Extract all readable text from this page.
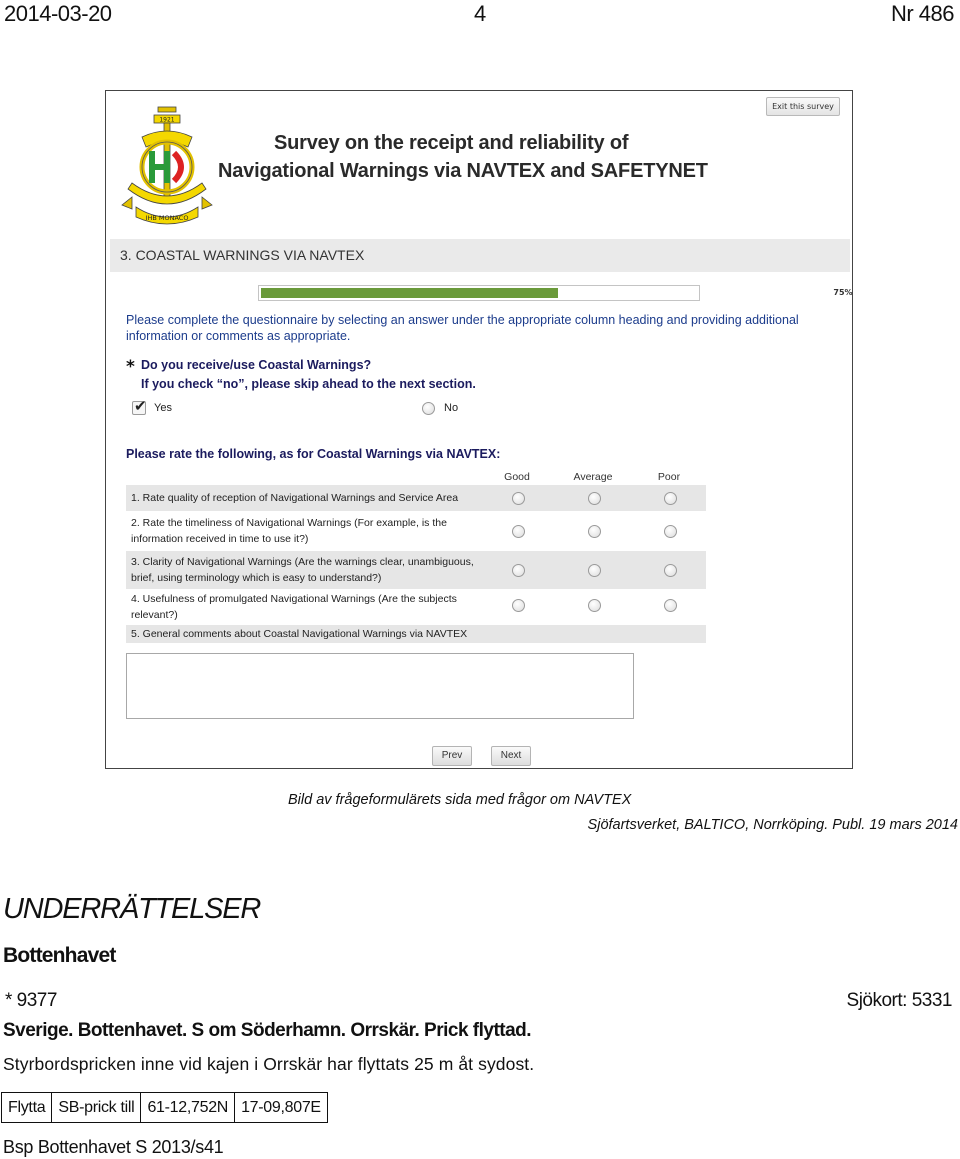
2014-03-20	4	Nr 486
Exit this survey
1921
IHB MONACO
Survey on the receipt and reliability of
Navigational Warnings via NAVTEX and SAFETYNET
3. COASTAL WARNINGS VIA NAVTEX
75%
Please complete the questionnaire by selecting an answer under the appropriate column heading and providing additional information or comments as appropriate.
* Do you receive/use Coastal Warnings?
If you check “no”, please skip ahead to the next section.
✔ Yes	No
Please rate the following, as for Coastal Warnings via NAVTEX:
Good	Average	Poor
1. Rate quality of reception of Navigational Warnings and Service Area
2. Rate the timeliness of Navigational Warnings (For example, is the information received in time to use it?)
3. Clarity of Navigational Warnings (Are the warnings clear, unambiguous, brief, using terminology which is easy to understand?)
4. Usefulness of promulgated Navigational Warnings (Are the subjects relevant?)
5. General comments about Coastal Navigational Warnings via NAVTEX
Prev	Next
Bild av frågeformulärets sida med frågor om NAVTEX
Sjöfartsverket, BALTICO, Norrköping. Publ. 19 mars 2014
UNDERRÄTTELSER
Bottenhavet
* 9377	Sjökort: 5331
Sverige. Bottenhavet. S om Söderhamn. Orrskär. Prick flyttad.
Styrbordspricken inne vid kajen i Orrskär har flyttats 25 m åt sydost.
Flytta	SB-prick till	61-12,752N	17-09,807E
Bsp Bottenhavet S 2013/s41
